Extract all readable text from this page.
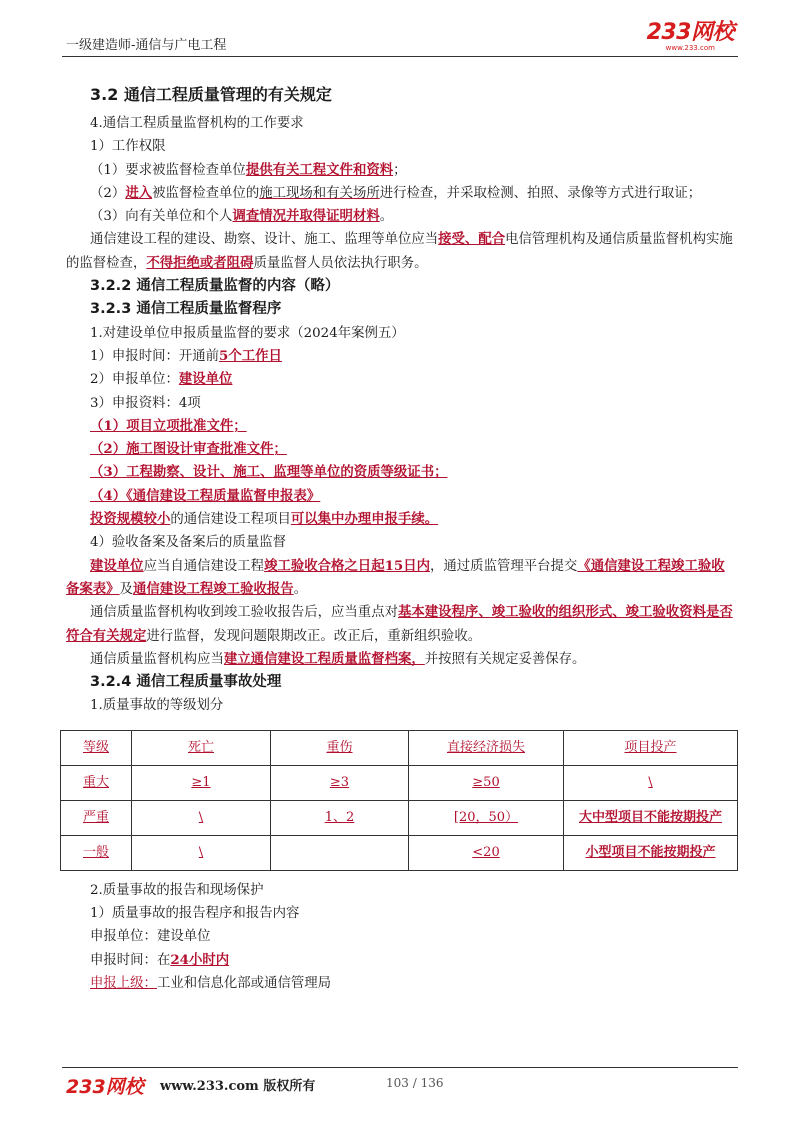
一级建造师-通信与广电工程
233网校
www.233.com

3.2 通信工程质量管理的有关规定

4.通信工程质量监督机构的工作要求

1）工作权限

（1）要求被监督检查单位提供有关工程文件和资料；

（2）进入被监督检查单位的施工现场和有关场所进行检查，并采取检测、拍照、录像等方式进行取证；

（3）向有关单位和个人调查情况并取得证明材料。

通信建设工程的建设、勘察、设计、施工、监理等单位应当接受、配合电信管理机构及通信质量监督机构实施的监督检查，不得拒绝或者阻碍质量监督人员依法执行职务。

3.2.2 通信工程质量监督的内容（略）

3.2.3 通信工程质量监督程序

1.对建设单位申报质量监督的要求（2024年案例五）

1）申报时间：开通前5个工作日

2）申报单位：建设单位

3）申报资料：4项

（1）项目立项批准文件；

（2）施工图设计审查批准文件；

（3）工程勘察、设计、施工、监理等单位的资质等级证书；

（4）《通信建设工程质量监督申报表》

投资规模较小的通信建设工程项目可以集中办理申报手续。

4）验收备案及备案后的质量监督

建设单位应当自通信建设工程竣工验收合格之日起15日内，通过质监管理平台提交《通信建设工程竣工验收备案表》及通信建设工程竣工验收报告。

通信质量监督机构收到竣工验收报告后，应当重点对基本建设程序、竣工验收的组织形式、竣工验收资料是否符合有关规定进行监督，发现问题限期改正。改正后，重新组织验收。

通信质量监督机构应当建立通信建设工程质量监督档案，并按照有关规定妥善保存。

3.2.4 通信工程质量事故处理

1.质量事故的等级划分

等级	死亡	重伤	直接经济损失	项目投产
重大	≥1	≥3	≥50	\
严重	\	1、2	[20，50）	大中型项目不能按期投产
一般	\		<20	小型项目不能按期投产

2.质量事故的报告和现场保护

1）质量事故的报告程序和报告内容

申报单位：建设单位

申报时间：在24小时内

申报上级：工业和信息化部或通信管理局

233网校 www.233.com 版权所有	103 / 136
